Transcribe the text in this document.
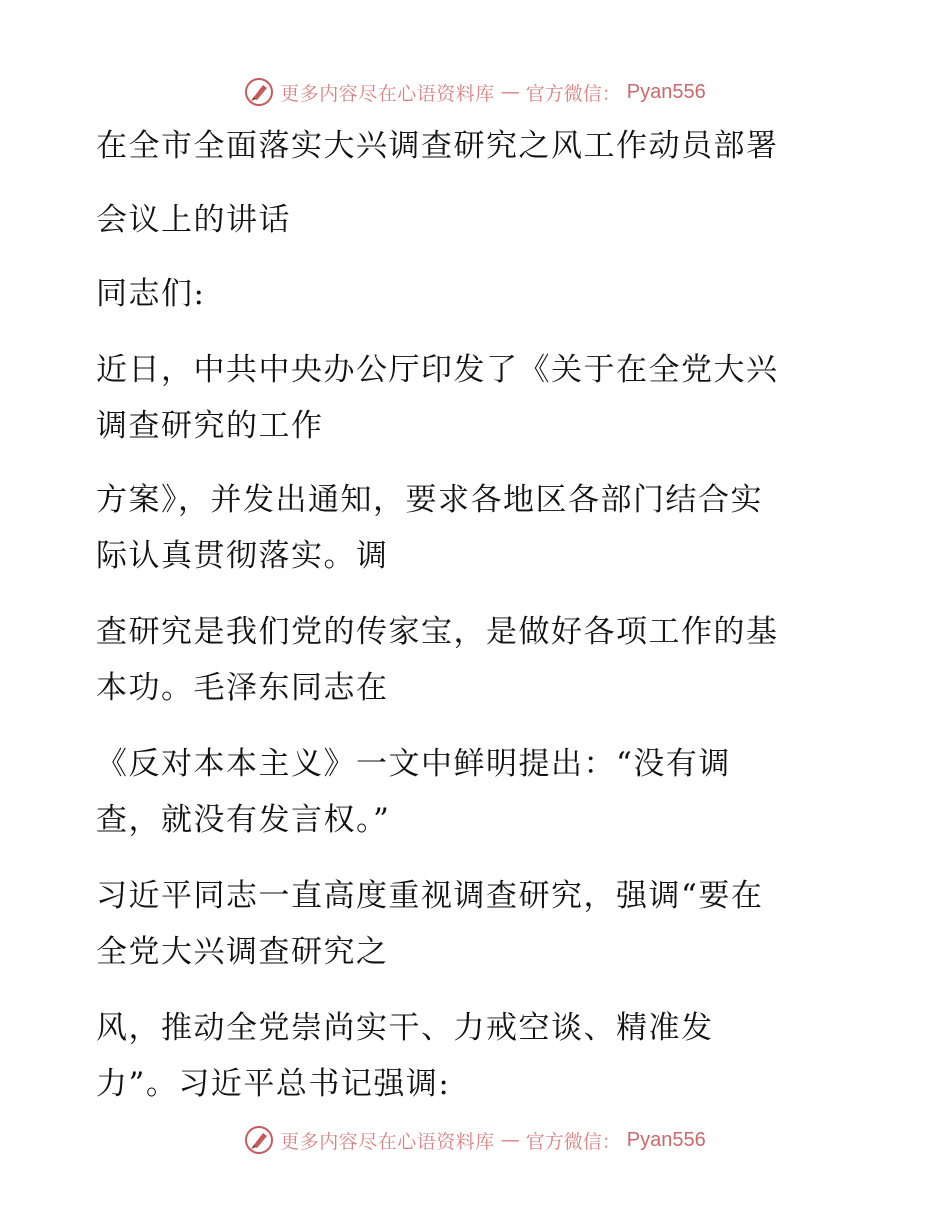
更多内容尽在心语资料库 — 官方微信： Pyan556
在全市全面落实大兴调查研究之风工作动员部署
会议上的讲话
同志们:
近日，中共中央办公厅印发了《关于在全党大兴
调查研究的工作
方案》，并发出通知，要求各地区各部门结合实
际认真贯彻落实。调
查研究是我们党的传家宝，是做好各项工作的基
本功。毛泽东同志在
《反对本本主义》一文中鲜明提出：“没有调
查，就没有发言权。”
习近平同志一直高度重视调查研究，强调“要在
全党大兴调查研究之
风，推动全党崇尚实干、力戒空谈、精准发
力”。习近平总书记强调:
更多内容尽在心语资料库 — 官方微信： Pyan556
